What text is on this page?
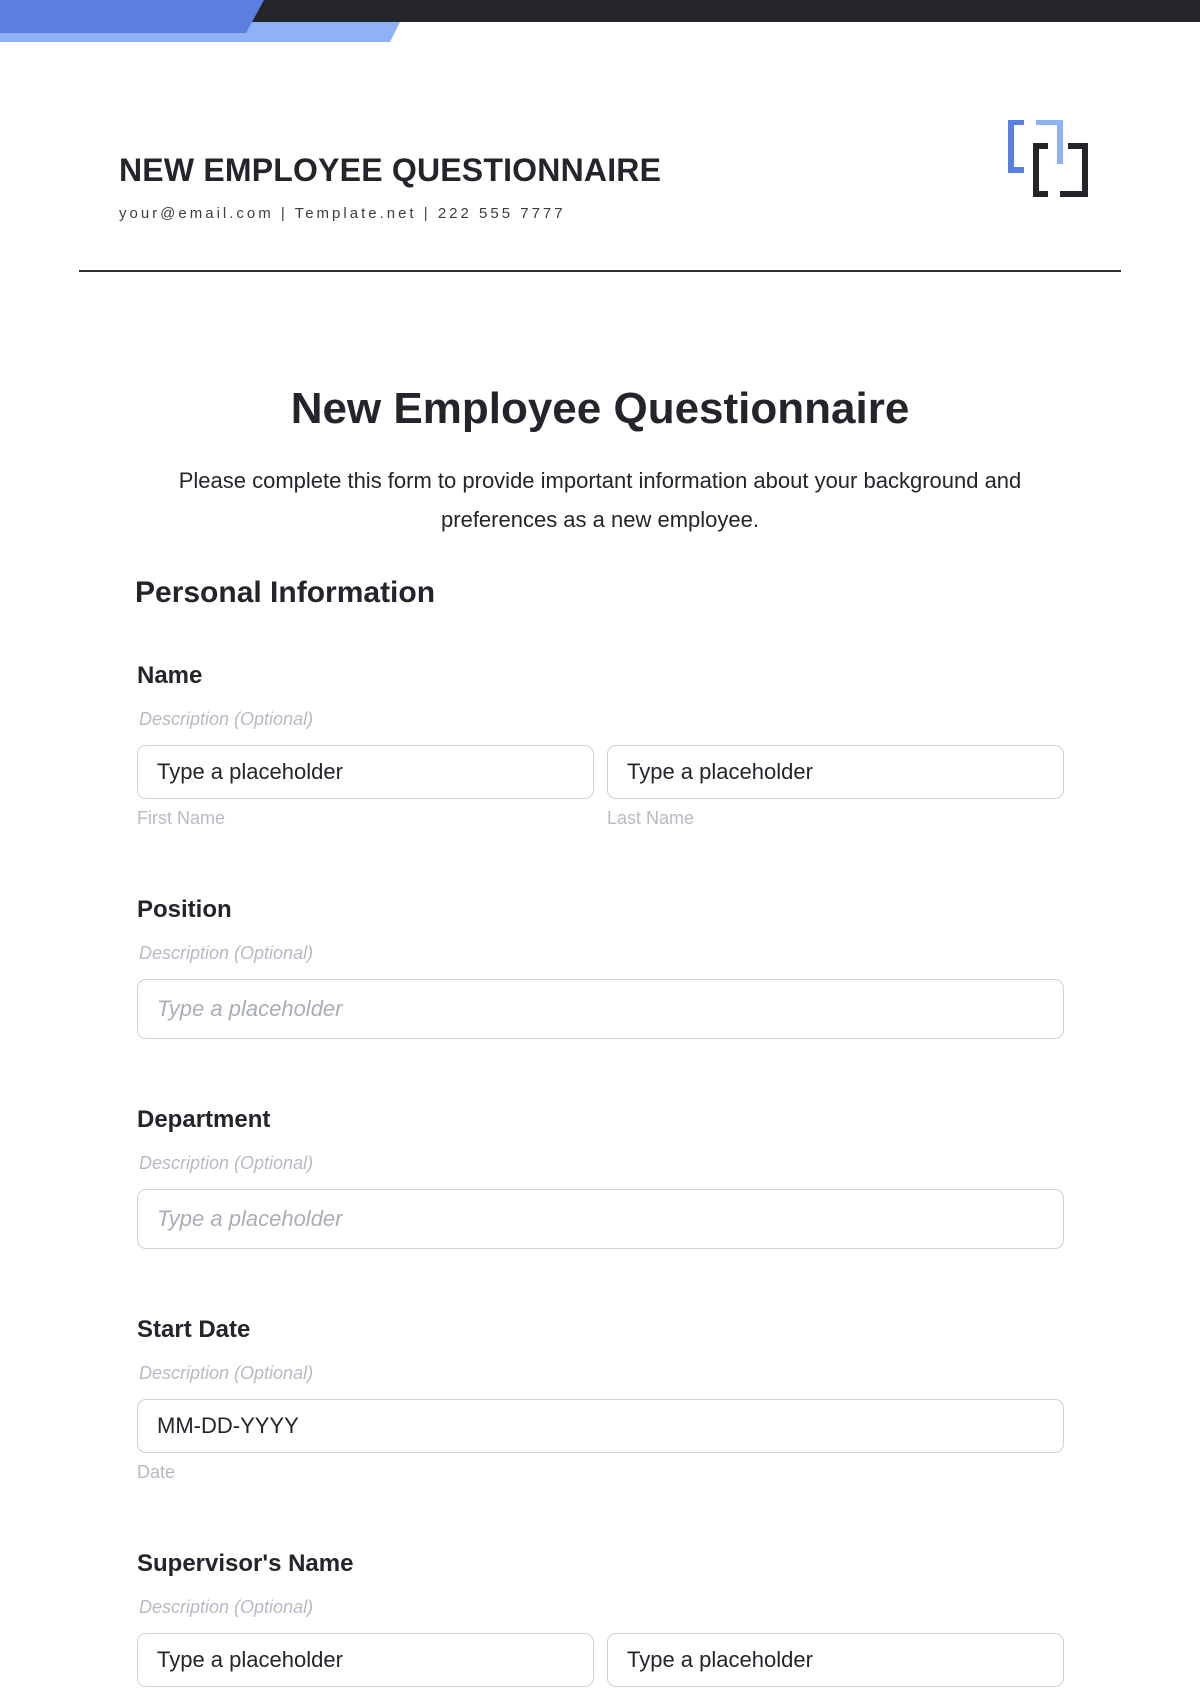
NEW EMPLOYEE QUESTIONNAIRE
your@email.com | Template.net | 222 555 7777
New Employee Questionnaire
Please complete this form to provide important information about your background and preferences as a new employee.
Personal Information
Name
Description (Optional)
Type a placeholder	Type a placeholder
First Name	Last Name
Position
Description (Optional)
Type a placeholder
Department
Description (Optional)
Type a placeholder
Start Date
Description (Optional)
MM-DD-YYYY
Date
Supervisor's Name
Description (Optional)
Type a placeholder	Type a placeholder
